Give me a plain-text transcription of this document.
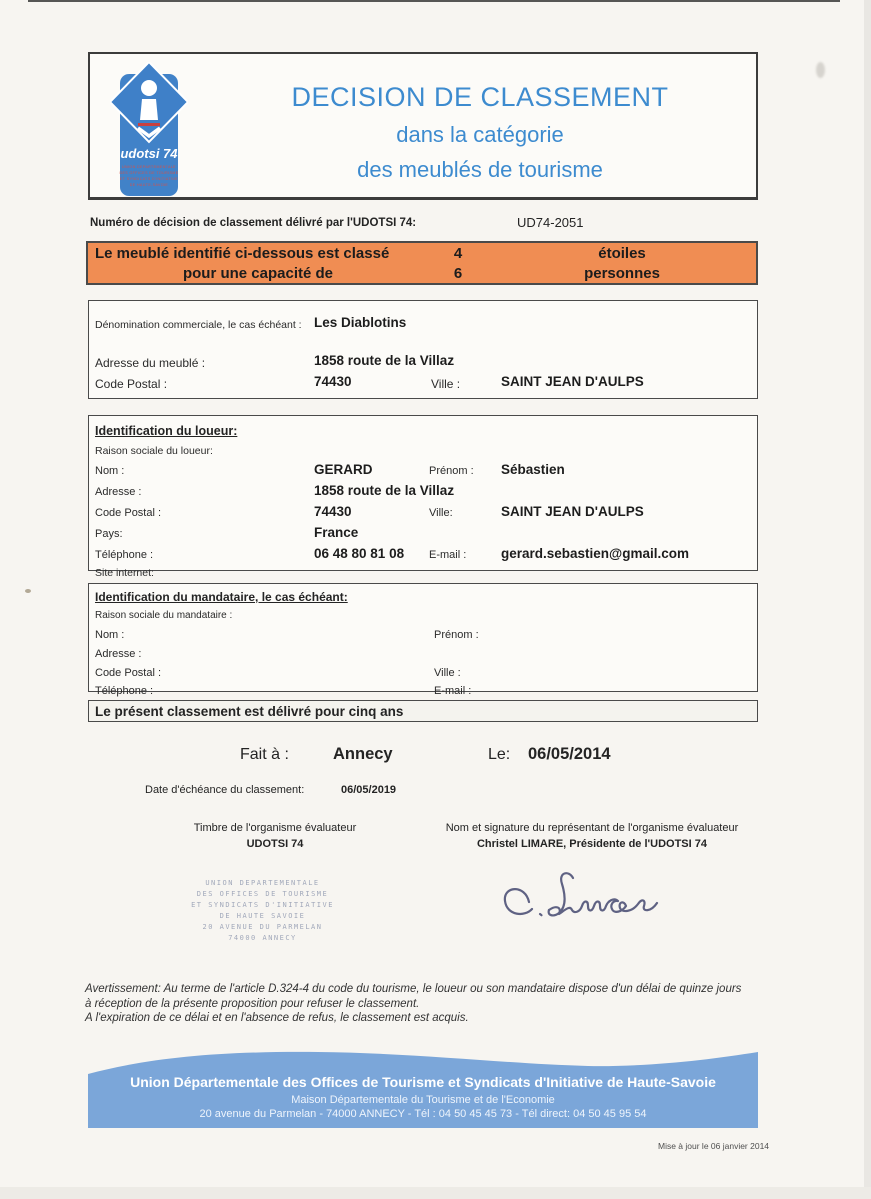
udotsi 74
UNION DEPARTEMENTALE
DES OFFICES DE TOURISME
ET SYNDICATS D'INITIATIVE
DE HAUTE-SAVOIE
DECISION DE CLASSEMENT
dans la catégorie
des meublés de tourisme
Numéro de décision de classement délivré par l'UDOTSI 74:	UD74-2051
Le meublé identifié ci-dessous est classé	4	étoiles
pour une capacité de	6	personnes
Dénomination commerciale, le cas échéant : Les Diablotins
Adresse du meublé :	1858 route de la Villaz
Code Postal :	74430	Ville :	SAINT JEAN D'AULPS
Identification du loueur:
Raison sociale du loueur:
Nom :	GERARD	Prénom : Sébastien
Adresse :	1858 route de la Villaz
Code Postal :	74430	Ville:	SAINT JEAN D'AULPS
Pays:	France
Téléphone :	06 48 80 81 08 E-mail :	gerard.sebastien@gmail.com
Site internet:
Identification du mandataire, le cas échéant:
Raison sociale du mandataire :
Nom :	Prénom :
Adresse :
Code Postal :	Ville :
Téléphone :	E-mail :
Le présent classement est délivré pour cinq ans
Fait à :	Annecy	Le: 06/05/2014
Date d'échéance du classement:	06/05/2019
Timbre de l'organisme évaluateur
UDOTSI 74
Nom et signature du représentant de l'organisme évaluateur
Christel LIMARE, Présidente de l'UDOTSI 74
UNION DEPARTEMENTALE
DES OFFICES DE TOURISME
ET SYNDICATS D'INITIATIVE
DE HAUTE SAVOIE
20 AVENUE DU PARMELAN
74000 ANNECY
Avertissement: Au terme de l'article D.324-4 du code du tourisme, le loueur ou son mandataire dispose d'un délai de quinze jours
à réception de la présente proposition pour refuser le classement.
A l'expiration de ce délai et en l'absence de refus, le classement est acquis.
Union Départementale des Offices de Tourisme et Syndicats d'Initiative de Haute-Savoie
Maison Départementale du Tourisme et de l'Economie
20 avenue du Parmelan - 74000 ANNECY - Tél : 04 50 45 45 73 - Tél direct: 04 50 45 95 54
Mise à jour le 06 janvier 2014
